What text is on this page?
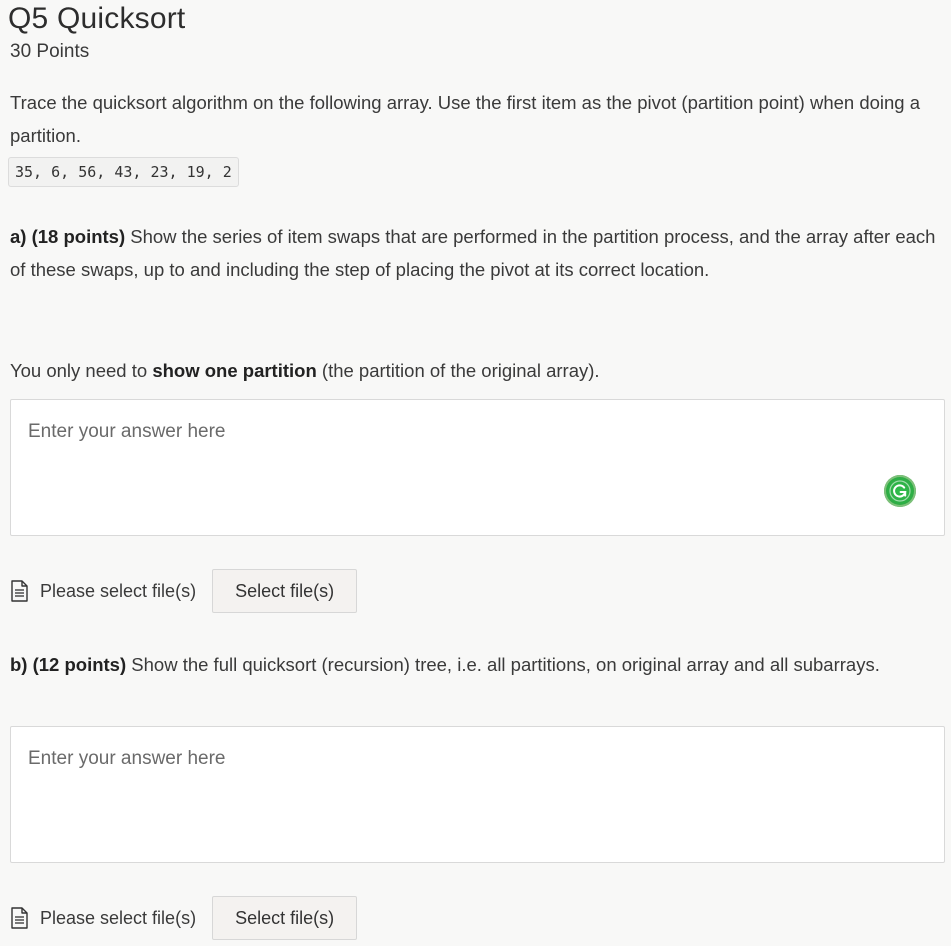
Q5 Quicksort
30 Points
Trace the quicksort algorithm on the following array. Use the first item as the pivot (partition point) when doing a partition.
35, 6, 56, 43, 23, 19, 2
a) (18 points) Show the series of item swaps that are performed in the partition process, and the array after each of these swaps, up to and including the step of placing the pivot at its correct location.
You only need to show one partition (the partition of the original array).
Enter your answer here
Please select file(s)	Select file(s)
b) (12 points) Show the full quicksort (recursion) tree, i.e. all partitions, on original array and all subarrays.
Enter your answer here
Please select file(s)	Select file(s)
